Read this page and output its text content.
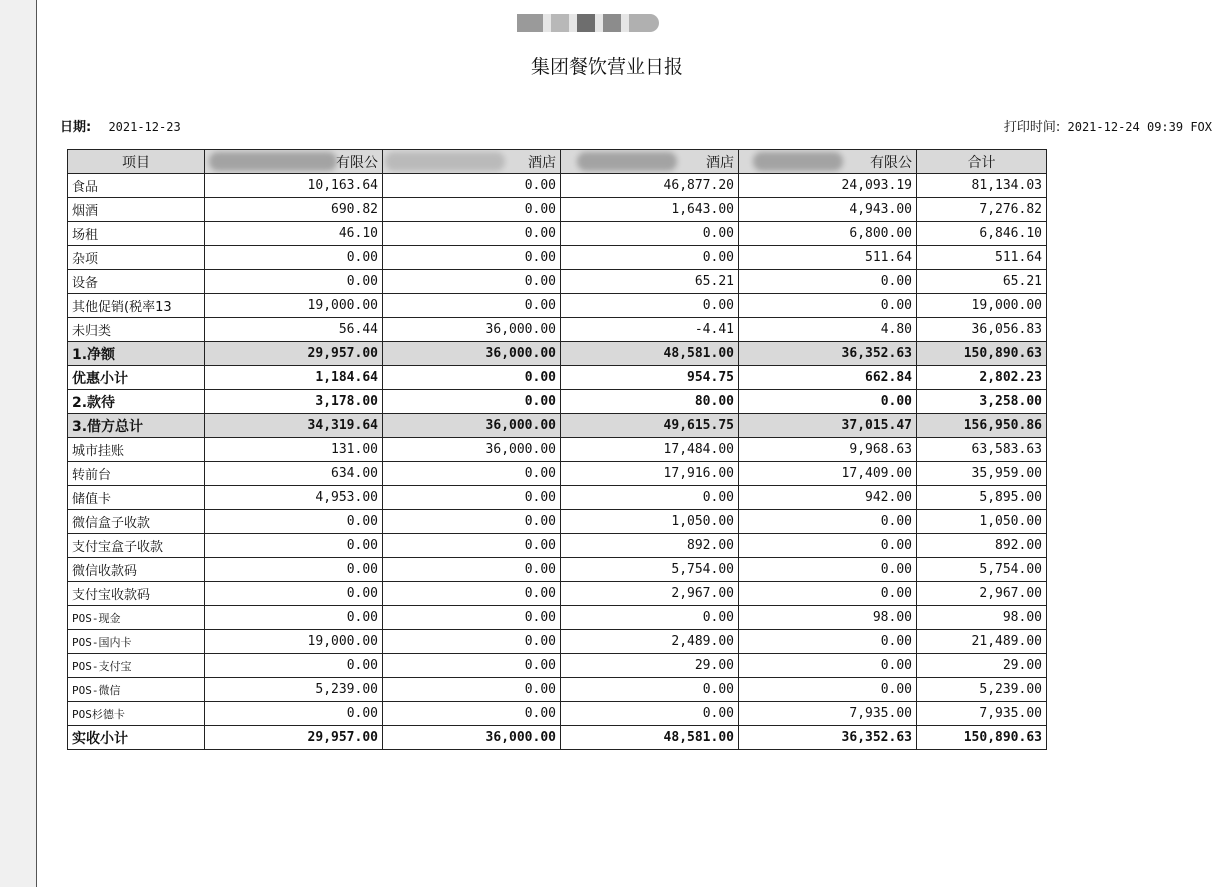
集团餐饮营业日报
日期: 2021-12-23	打印时间: 2021-12-24 09:39 FOX
项目	有限公	酒店	酒店	有限公	合计
食品	10,163.64	0.00	46,877.20	24,093.19	81,134.03
烟酒	690.82	0.00	1,643.00	4,943.00	7,276.82
场租	46.10	0.00	0.00	6,800.00	6,846.10
杂项	0.00	0.00	0.00	511.64	511.64
设备	0.00	0.00	65.21	0.00	65.21
其他促销(税率13	19,000.00	0.00	0.00	0.00	19,000.00
未归类	56.44	36,000.00	-4.41	4.80	36,056.83
1.净额	29,957.00	36,000.00	48,581.00	36,352.63	150,890.63
优惠小计	1,184.64	0.00	954.75	662.84	2,802.23
2.款待	3,178.00	0.00	80.00	0.00	3,258.00
3.借方总计	34,319.64	36,000.00	49,615.75	37,015.47	156,950.86
城市挂账	131.00	36,000.00	17,484.00	9,968.63	63,583.63
转前台	634.00	0.00	17,916.00	17,409.00	35,959.00
储值卡	4,953.00	0.00	0.00	942.00	5,895.00
微信盒子收款	0.00	0.00	1,050.00	0.00	1,050.00
支付宝盒子收款	0.00	0.00	892.00	0.00	892.00
微信收款码	0.00	0.00	5,754.00	0.00	5,754.00
支付宝收款码	0.00	0.00	2,967.00	0.00	2,967.00
POS-现金	0.00	0.00	0.00	98.00	98.00
POS-国内卡	19,000.00	0.00	2,489.00	0.00	21,489.00
POS-支付宝	0.00	0.00	29.00	0.00	29.00
POS-微信	5,239.00	0.00	0.00	0.00	5,239.00
POS杉德卡	0.00	0.00	0.00	7,935.00	7,935.00
实收小计	29,957.00	36,000.00	48,581.00	36,352.63	150,890.63
